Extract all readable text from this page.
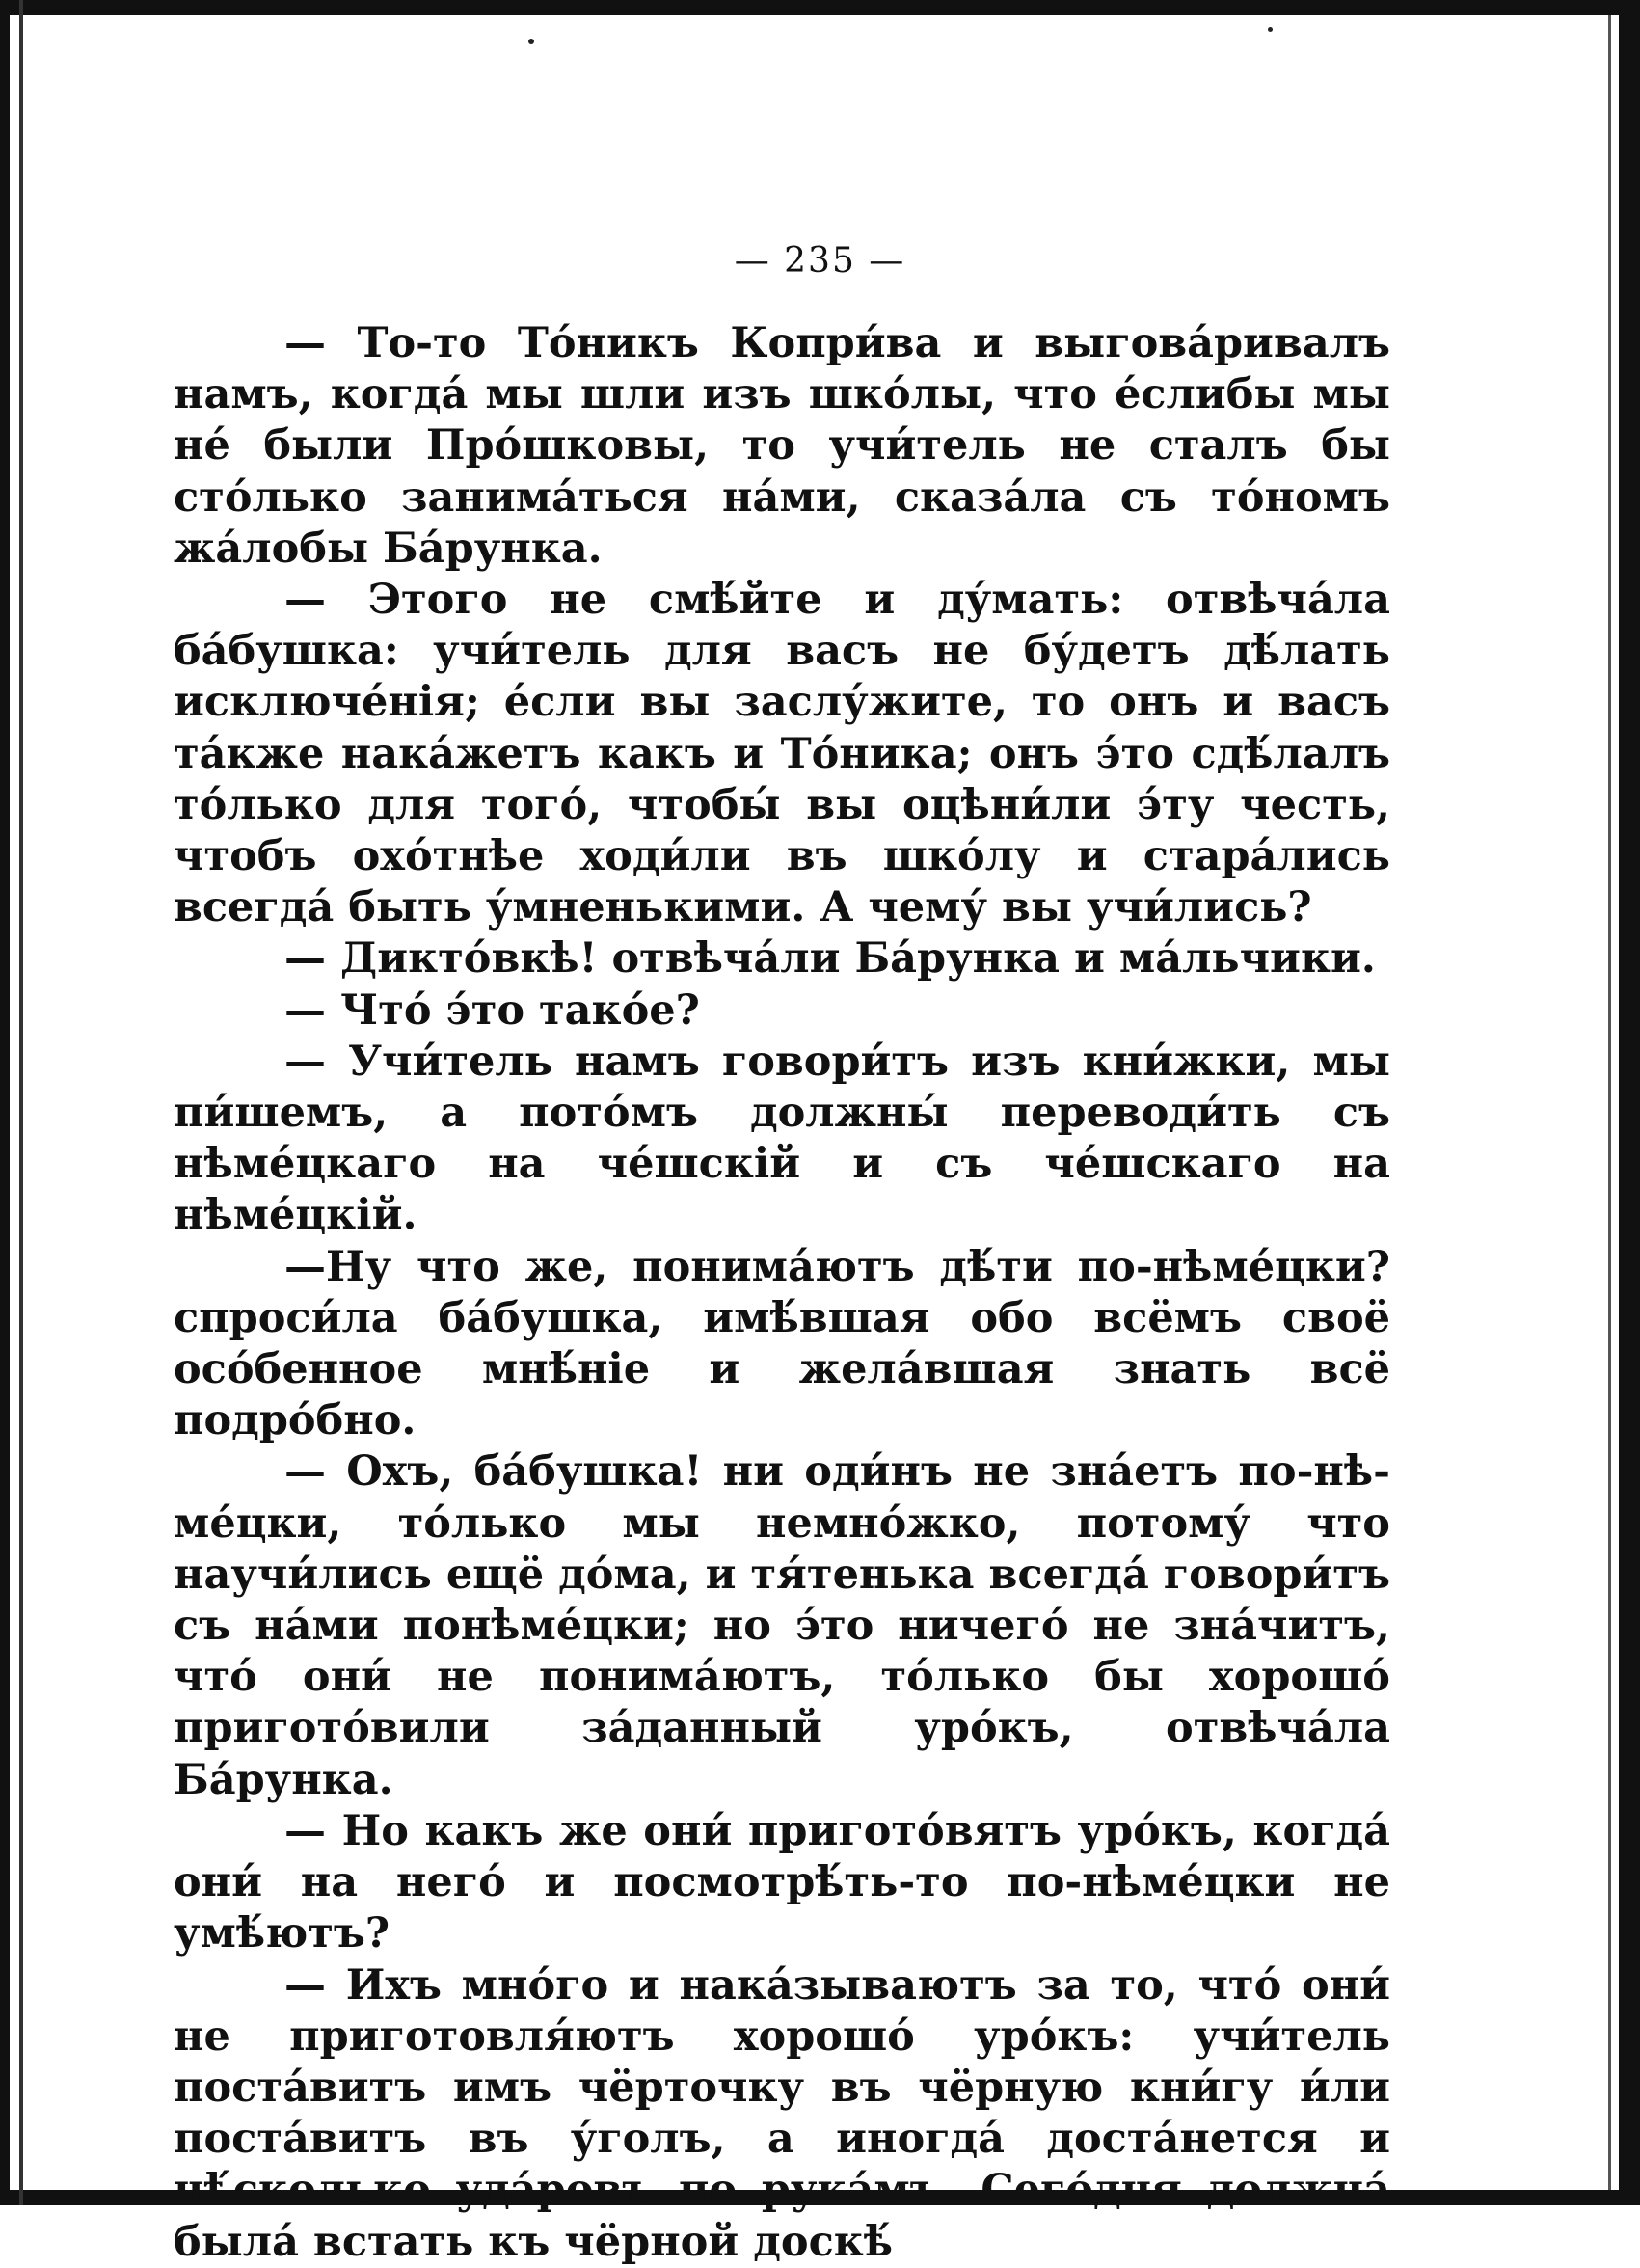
— 235 —

— То-то То́никъ Копри́ва и выгова́ривалъ намъ, когда́ мы шли изъ шко́лы, что е́слибы мы не́ были Про́шковы, то учи́тель не сталъ бы сто́лько занима́ться на́ми, сказа́ла съ то́номъ жа́лобы Ба́рунка.

— Этого не смѣ́йте и ду́мать: отвѣча́ла ба́бушка: учи́тель для васъ не бу́детъ дѣ́лать исключе́нія; е́сли вы заслу́жите, то онъ и васъ та́кже нака́жетъ какъ и То́ника; онъ э́то сдѣ́лалъ то́лько для того́, чтобы́ вы оцѣни́ли э́ту честь, чтобъ охо́тнѣе ходи́ли въ шко́лу и стара́лись всегда́ быть у́мненькими. А чему́ вы учи́лись?

— Дикто́вкѣ! отвѣча́ли Ба́рунка и ма́льчики.

— Что́ э́то тако́е?

— Учи́тель намъ говори́тъ изъ кни́жки, мы пи́шемъ, а пото́мъ должны́ переводи́ть съ нѣме́цкаго на че́шскій и съ че́шскаго на нѣме́цкій.

—Ну что же, понима́ютъ дѣ́ти по-нѣме́цки? спроси́ла ба́бушка, имѣ́вшая обо всёмъ своё осо́бенное мнѣ́ніе и жела́вшая знать всё подро́бно.

— Охъ, ба́бушка! ни оди́нъ не зна́етъ по-нѣме́цки, то́лько мы немно́жко, потому́ что научи́лись ещё до́ма, и тя́тенька всегда́ говори́тъ съ на́ми понѣме́цки; но э́то ничего́ не зна́читъ, что́ они́ не понима́ютъ, то́лько бы хорошо́ пригото́вили за́данный уро́къ, отвѣча́ла Ба́рунка.

— Но какъ же они́ пригото́вятъ уро́къ, когда́ они́ на него́ и посмотрѣ́ть-то по-нѣме́цки не умѣ́ютъ?

— Ихъ мно́го и нака́зываютъ за то, что́ они́ не приготовля́ютъ хорошо́ уро́къ: учи́тель поста́витъ имъ чёрточку въ чёрную кни́гу и́ли поста́витъ въ у́голъ, а иногда́ доста́нется и нѣ́сколько уда́ровъ по рука́мъ. Сего́дня должна́ была́ встать къ чёрной доскѣ́
